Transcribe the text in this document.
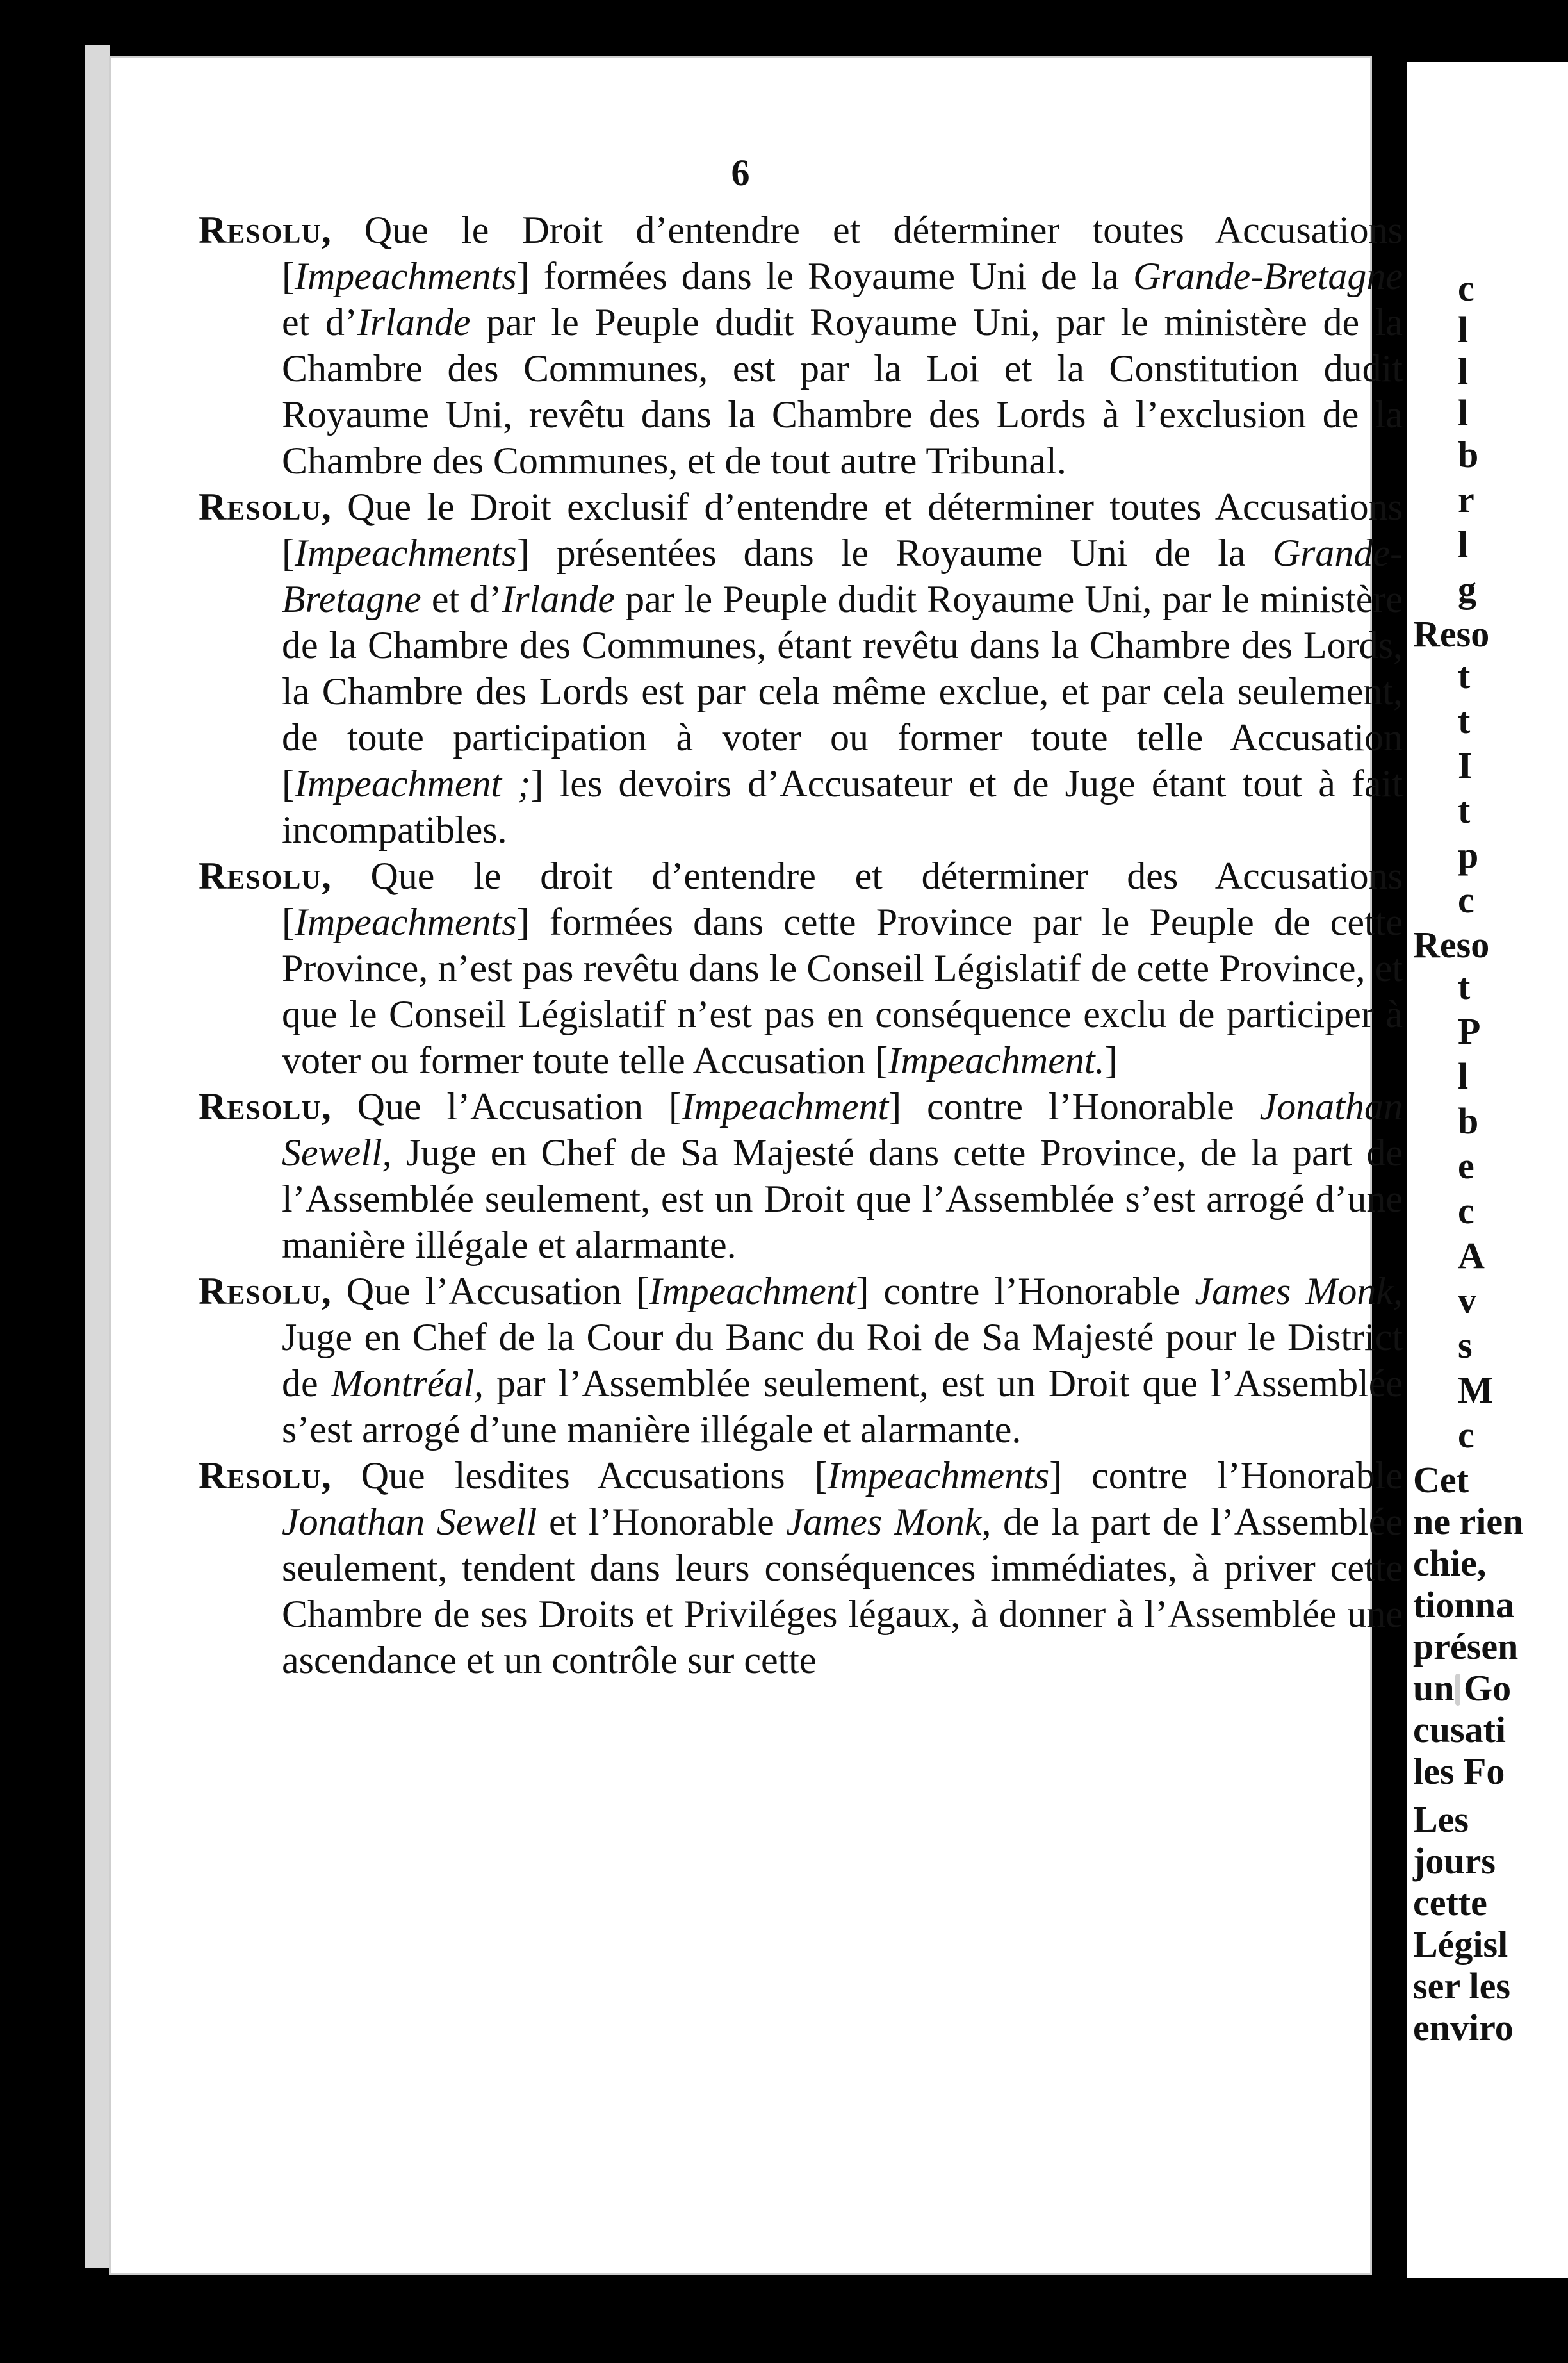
6

Resolu, Que le Droit d’entendre et déterminer toutes Accusations [Impeachments] formées dans le Royaume Uni de la Grande-Bretagne et d’Irlande par le Peuple dudit Royaume Uni, par le ministère de la Chambre des Communes, est par la Loi et la Constitution dudit Royaume Uni, revêtu dans la Chambre des Lords à l’exclusion de la Chambre des Communes, et de tout autre Tribunal.

Resolu, Que le Droit exclusif d’entendre et déterminer toutes Accusations [Impeachments] présentées dans le Royaume Uni de la Grande-Bretagne et d’Irlande par le Peuple dudit Royaume Uni, par le ministère de la Chambre des Communes, étant revêtu dans la Chambre des Lords, la Chambre des Lords est par cela même exclue, et par cela seulement, de toute participation à voter ou former toute telle Accusation [Impeachment ;] les devoirs d’Accusateur et de Juge étant tout à fait incompatibles.

Resolu, Que le droit d’entendre et déterminer des Accusations [Impeachments] formées dans cette Province par le Peuple de cette Province, n’est pas revêtu dans le Conseil Législatif de cette Province, et que le Conseil Législatif n’est pas en conséquence exclu de participer à voter ou former toute telle Accusation [Impeachment.]

Resolu, Que l’Accusation [Impeachment] contre l’Honorable Jonathan Sewell, Juge en Chef de Sa Majesté dans cette Province, de la part de l’Assemblée seulement, est un Droit que l’Assemblée s’est arrogé d’une manière illégale et alarmante.

Resolu, Que l’Accusation [Impeachment] contre l’Honorable James Monk, Juge en Chef de la Cour du Banc du Roi de Sa Majesté pour le District de Montréal, par l’Assemblée seulement, est un Droit que l’Assemblée s’est arrogé d’une manière illégale et alarmante.

Resolu, Que lesdites Accusations [Impeachments] contre l’Honorable Jonathan Sewell et l’Honorable James Monk, de la part de l’Assemblée seulement, tendent dans leurs conséquences immédiates, à priver cette Chambre de ses Droits et Priviléges légaux, à donner à l’Assemblée une ascendance et un contrôle sur cette

c
l
l
l
b
r
l
g
Reso
t
t
I
t
p
c
Reso
t
P
l
b
e
c
A
v
s
M
c
Cet
ne rien
chie,
tionna
présen
un Go
cusati
les Fo
Les
jours
cette
Législ
ser les
enviro
